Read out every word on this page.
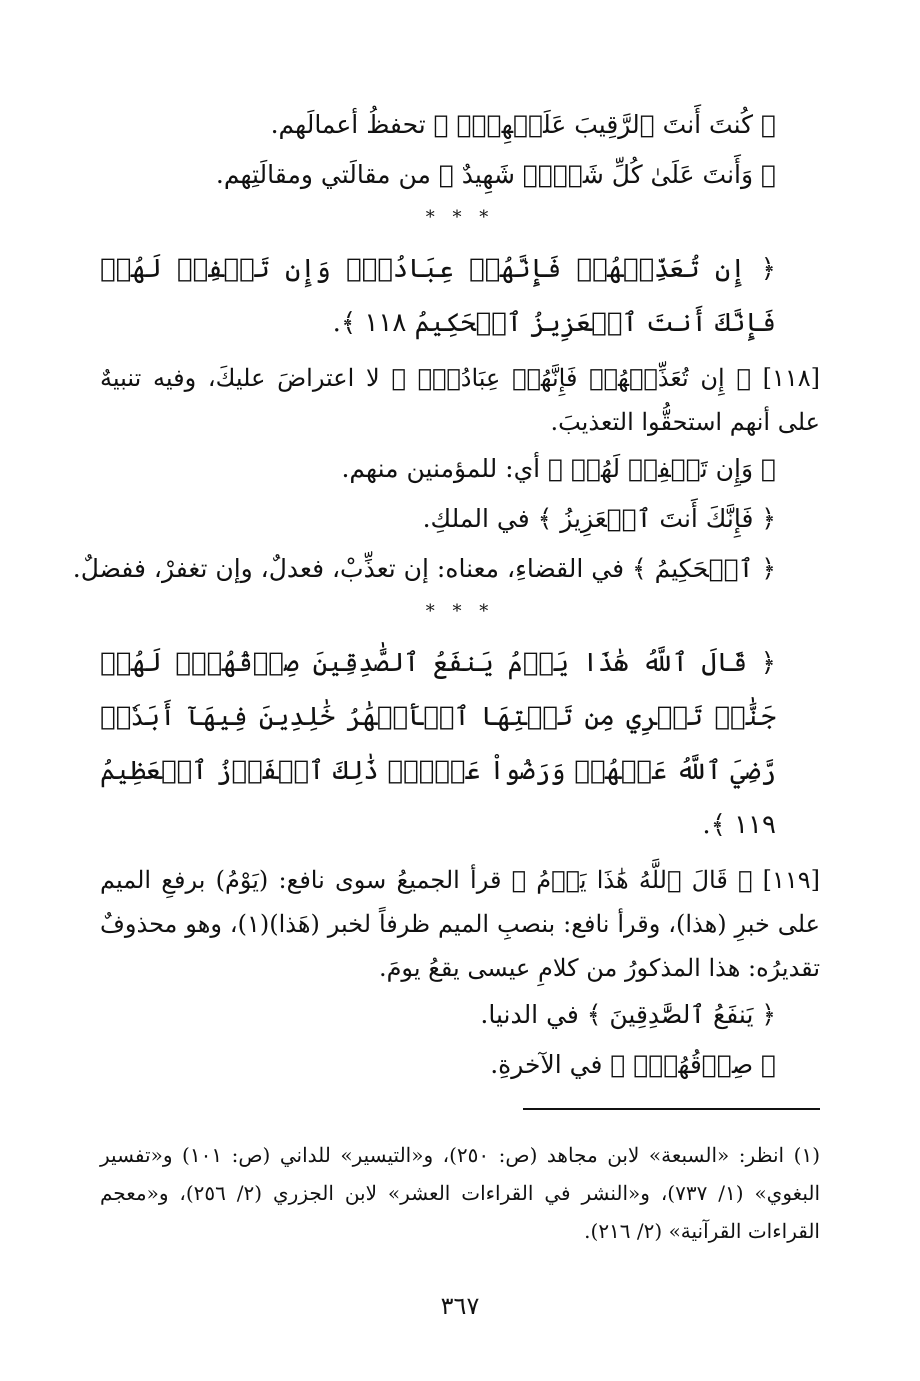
﴿ كُنتَ أَنتَ ٱلرَّقِيبَ عَلَيۡهِمۡۚ ﴾ تحفظُ أعمالَهم.
﴿ وَأَنتَ عَلَىٰ كُلِّ شَيۡءٖ شَهِيدٌ ﴾ من مقالَتي ومقالَتِهم.
* * *
﴿ إِن تُعَذِّبۡهُمۡ فَإِنَّهُمۡ عِبَادُكَۖ وَإِن تَغۡفِرۡ لَهُمۡ فَإِنَّكَ أَنتَ ٱلۡعَزِيزُ ٱلۡحَكِيمُ ١١٨ ﴾.
[١١٨] ﴿ إِن تُعَذِّبۡهُمۡ فَإِنَّهُمۡ عِبَادُكَۖ ﴾ لا اعتراضَ عليكَ، وفيه تنبيهٌ على أنهم استحقُّوا التعذيبَ.
﴿ وَإِن تَغۡفِرۡ لَهُمۡ ﴾ أي: للمؤمنين منهم.
﴿ فَإِنَّكَ أَنتَ ٱلۡعَزِيزُ ﴾ في الملكِ.
﴿ ٱلۡحَكِيمُ ﴾ في القضاءِ، معناه: إن تعذِّبْ، فعدلٌ، وإن تغفرْ، ففضلٌ.
* * *
﴿ قَالَ ٱللَّهُ هَٰذَا يَوۡمُ يَنفَعُ ٱلصَّٰدِقِينَ صِدۡقُهُمۡۚ لَهُمۡ جَنَّٰتٞ تَجۡرِي مِن تَحۡتِهَا ٱلۡأَنۡهَٰرُ خَٰلِدِينَ فِيهَآ أَبَدٗاۖ رَّضِيَ ٱللَّهُ عَنۡهُمۡ وَرَضُواْ عَنۡهُۚ ذَٰلِكَ ٱلۡفَوۡزُ ٱلۡعَظِيمُ ١١٩ ﴾.
[١١٩] ﴿ قَالَ ٱللَّهُ هَٰذَا يَوۡمُ ﴾ قرأ الجميعُ سوى نافع: (يَوْمُ) برفعِ الميم على خبرِ (هذا)، وقرأ نافع: بنصبِ الميم ظرفاً لخبر (هَذا)(١)، وهو محذوفٌ تقديرُه: هذا المذكورُ من كلامِ عيسى يقعُ يومَ.
﴿ يَنفَعُ ٱلصَّٰدِقِينَ ﴾ في الدنيا.
﴿ صِدۡقُهُمۡۚ ﴾ في الآخرةِ.
(١) انظر: «السبعة» لابن مجاهد (ص: ٢٥٠)، و«التيسير» للداني (ص: ١٠١) و«تفسير البغوي» (١/ ٧٣٧)، و«النشر في القراءات العشر» لابن الجزري (٢/ ٢٥٦)، و«معجم القراءات القرآنية» (٢/ ٢١٦).
٣٦٧
